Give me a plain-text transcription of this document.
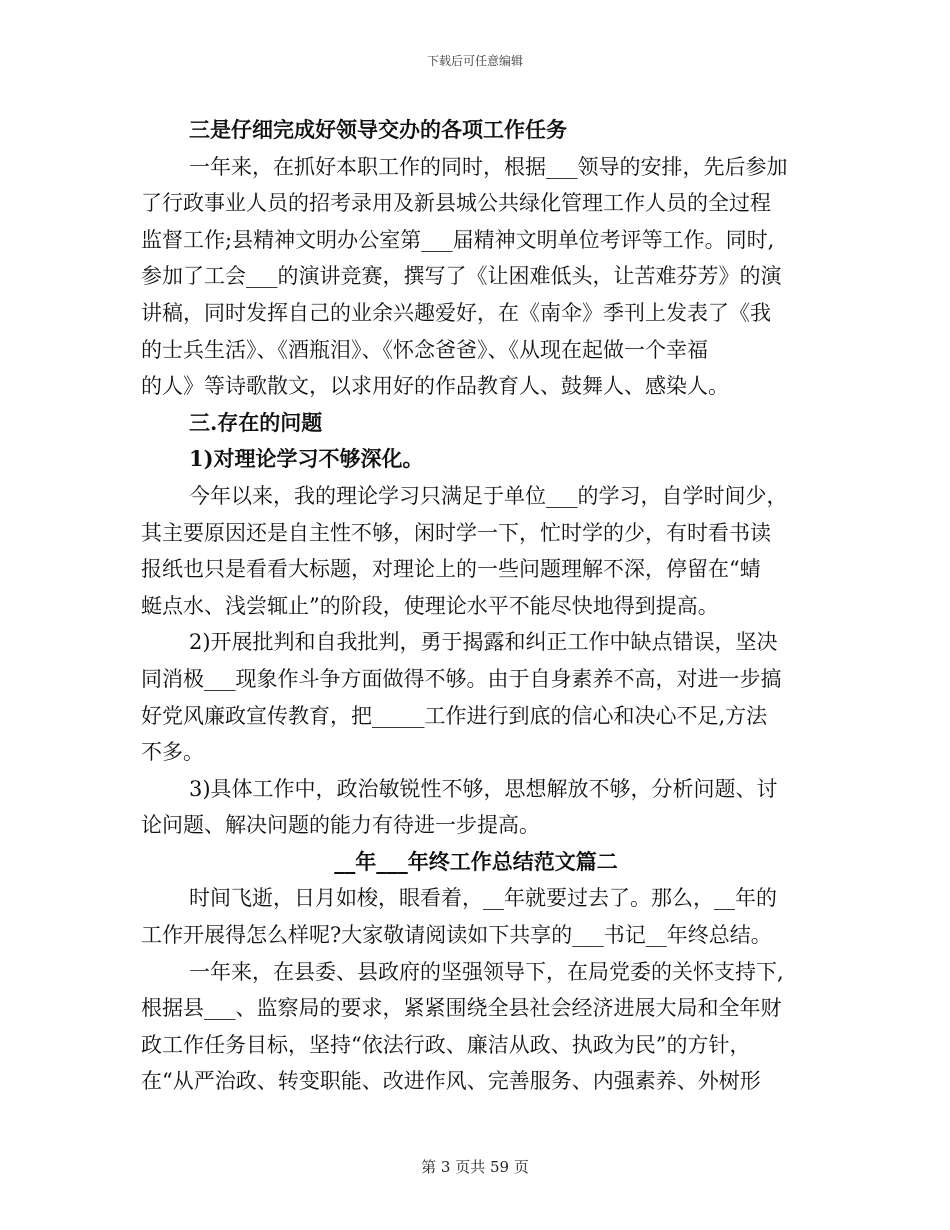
下载后可任意编辑
三是仔细完成好领导交办的各项工作任务
一年来，在抓好本职工作的同时，根据___领导的安排，先后参加
了行政事业人员的招考录用及新县城公共绿化管理工作人员的全过程
监督工作;县精神文明办公室第___届精神文明单位考评等工作。同时,
参加了工会___的演讲竞赛，撰写了《让困难低头，让苦难芬芳》的演
讲稿，同时发挥自己的业余兴趣爱好，在《南伞》季刊上发表了《我
的士兵生活》、《酒瓶泪》、《怀念爸爸》、《从现在起做一个幸福
的人》等诗歌散文，以求用好的作品教育人、鼓舞人、感染人。
三.存在的问题
1)对理论学习不够深化。
今年以来，我的理论学习只满足于单位___的学习，自学时间少，
其主要原因还是自主性不够，闲时学一下，忙时学的少，有时看书读
报纸也只是看看大标题，对理论上的一些问题理解不深，停留在“蜻
蜓点水、浅尝辄止”的阶段，使理论水平不能尽快地得到提高。
2)开展批判和自我批判，勇于揭露和纠正工作中缺点错误，坚决
同消极___现象作斗争方面做得不够。由于自身素养不高，对进一步搞
好党风廉政宣传教育，把_____工作进行到底的信心和决心不足,方法
不多。
3)具体工作中，政治敏锐性不够，思想解放不够，分析问题、讨
论问题、解决问题的能力有待进一步提高。
__年___年终工作总结范文篇二
时间飞逝，日月如梭，眼看着，__年就要过去了。那么，__年的
工作开展得怎么样呢?大家敬请阅读如下共享的___书记__年终总结。
一年来，在县委、县政府的坚强领导下，在局党委的关怀支持下,
根据县___、监察局的要求，紧紧围绕全县社会经济进展大局和全年财
政工作任务目标，坚持“依法行政、廉洁从政、执政为民”的方针，
在“从严治政、转变职能、改进作风、完善服务、内强素养、外树形
第 3 页共 59 页
